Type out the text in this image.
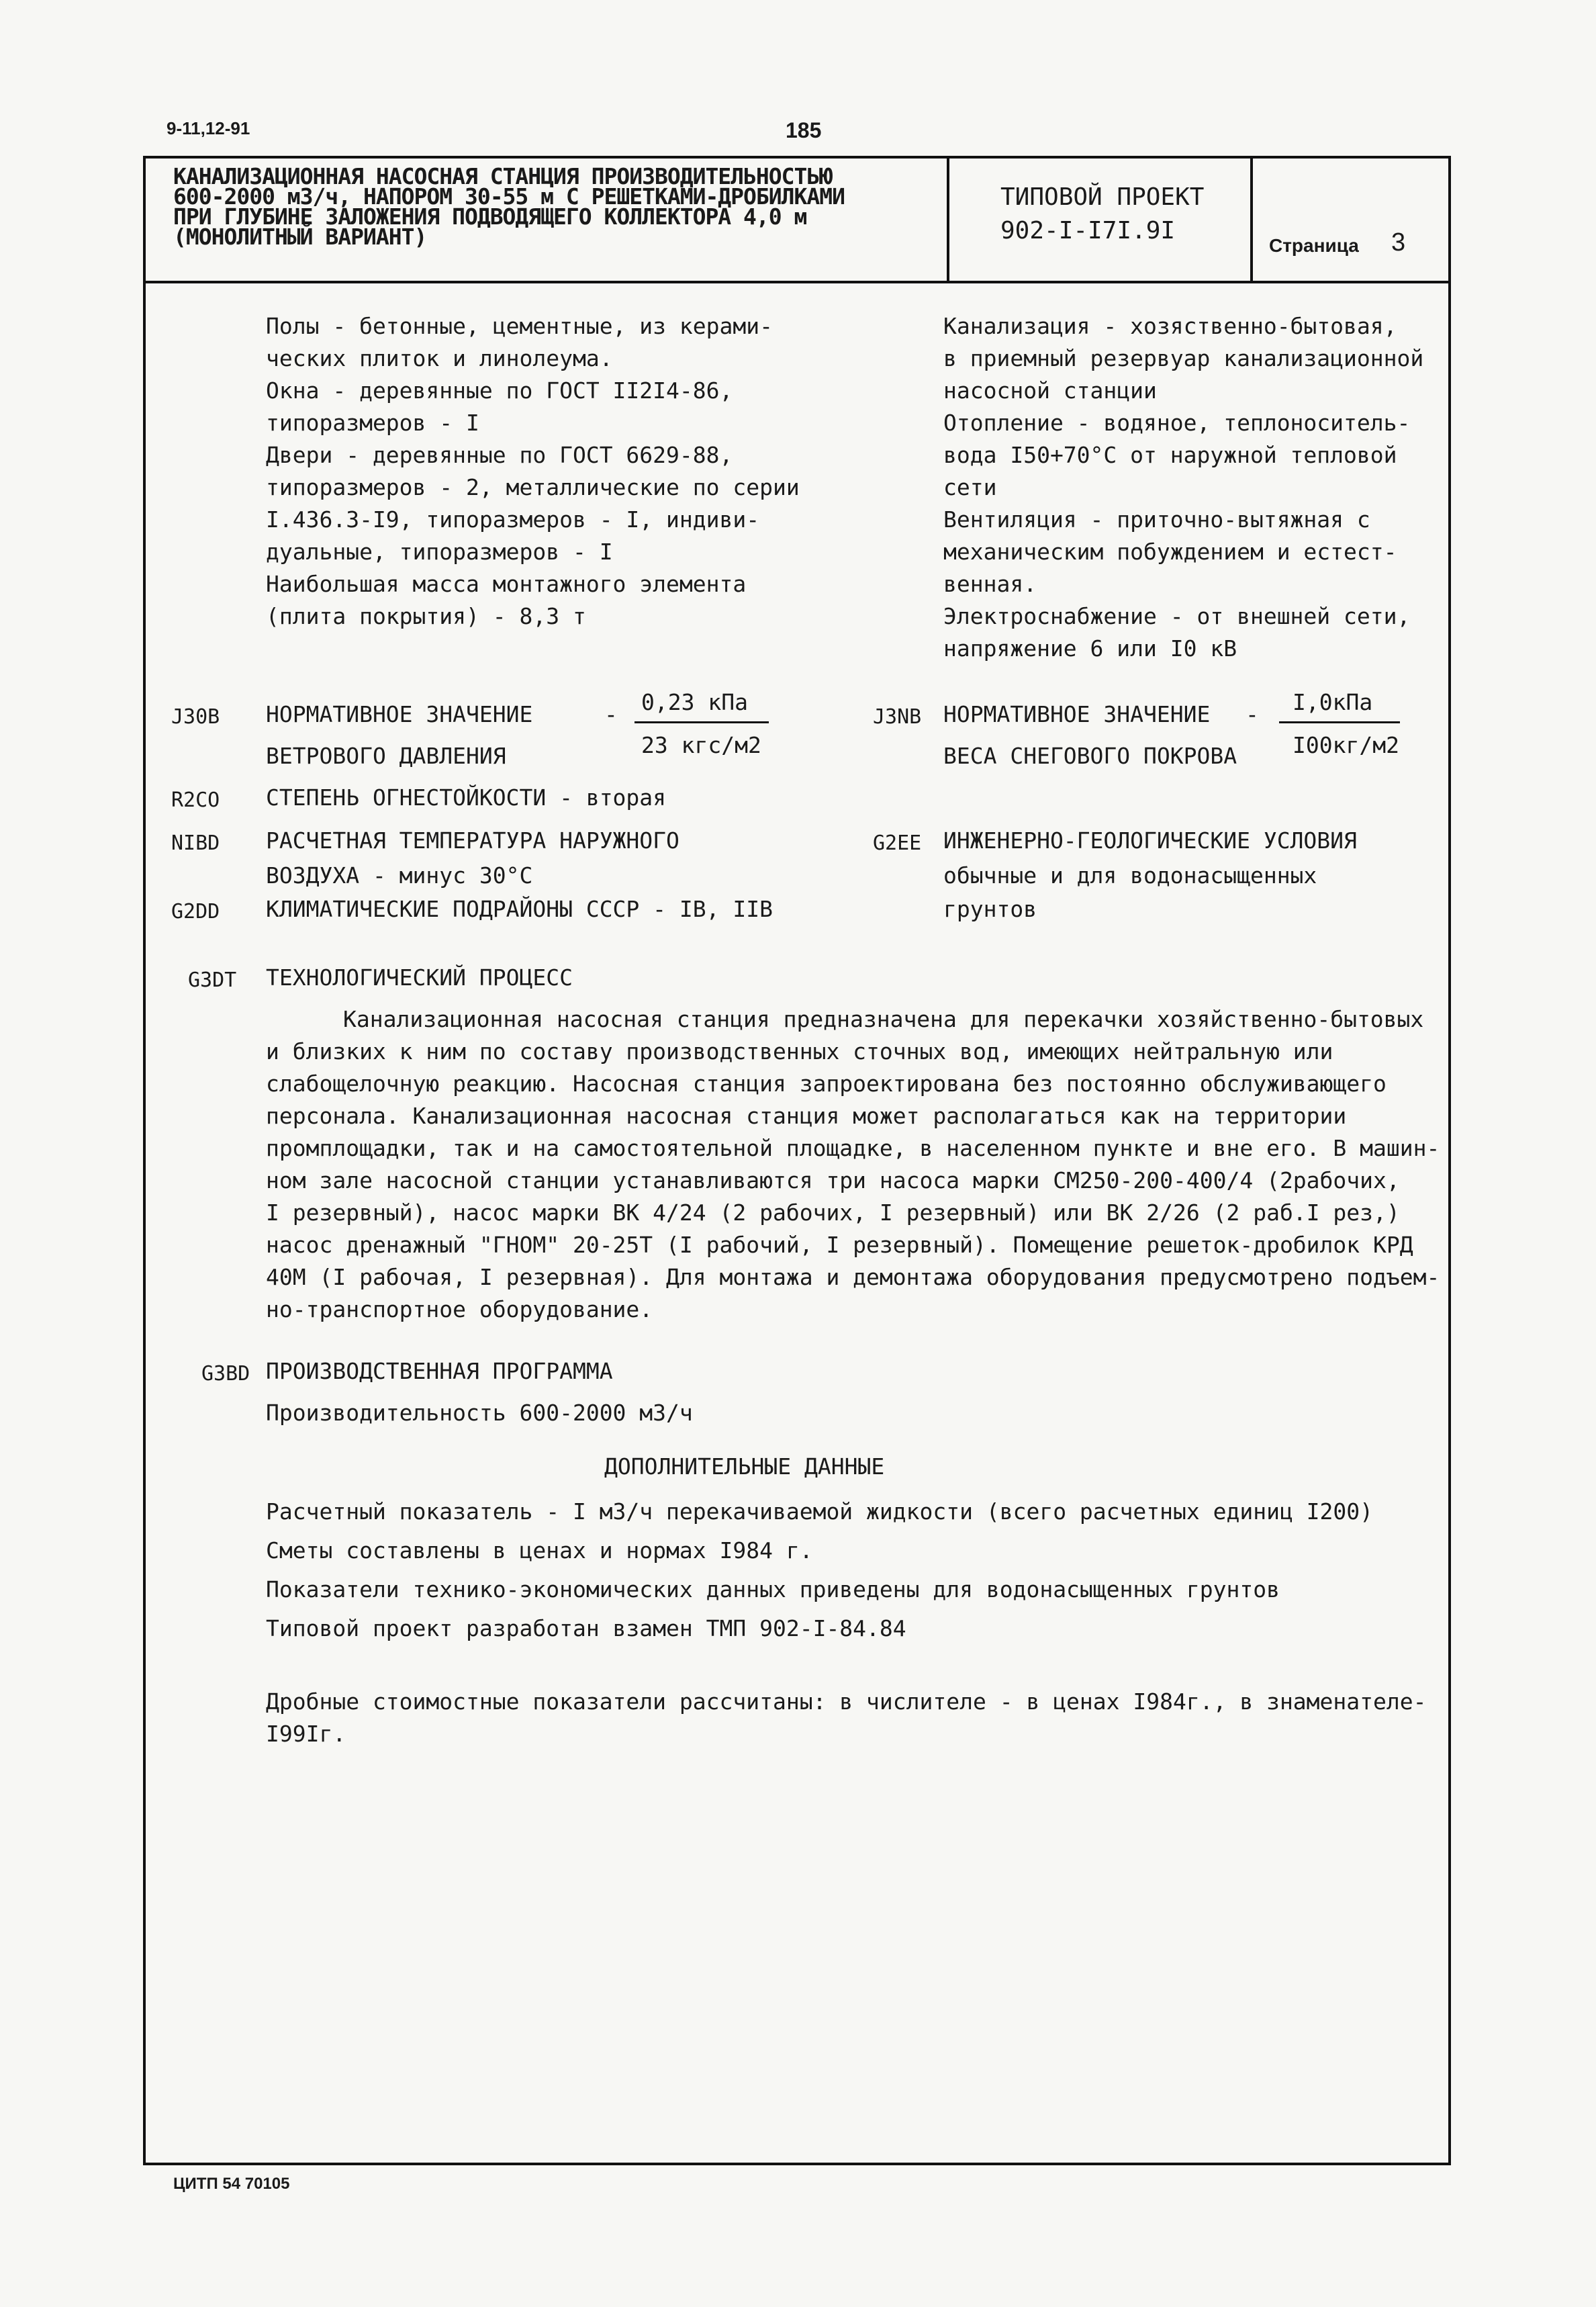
9-11,12-91	185
КАНАЛИЗАЦИОННАЯ НАСОСНАЯ СТАНЦИЯ ПРОИЗВОДИТЕЛЬНОСТЬЮ
600-2000 м3/ч, НАПОРОМ 30-55 м С РЕШЕТКАМИ-ДРОБИЛКАМИ
ПРИ ГЛУБИНЕ ЗАЛОЖЕНИЯ ПОДВОДЯЩЕГО КОЛЛЕКТОРА 4,0 м
(МОНОЛИТНЫЙ ВАРИАНТ)
ТИПОВОЙ ПРОЕКТ
902-I-I7I.9I
Страница 3
Полы - бетонные, цементные, из керами-
ческих плиток и линолеума.
Окна - деревянные по ГОСТ II2I4-86,
типоразмеров - I
Двери - деревянные по ГОСТ 6629-88,
типоразмеров - 2, металлические по серии
I.436.3-I9, типоразмеров - I, индиви-
дуальные, типоразмеров - I
Наибольшая масса монтажного элемента
(плита покрытия) - 8,3 т
Канализация - хозяственно-бытовая,
в приемный резервуар канализационной
насосной станции
Отопление - водяное, теплоноситель-
вода I50+70°С от наружной тепловой
сети
Вентиляция - приточно-вытяжная с
механическим побуждением и естест-
венная.
Электроснабжение - от внешней сети,
напряжение 6 или I0 кВ
J30B НОРМАТИВНОЕ ЗНАЧЕНИЕ
ВЕТРОВОГО ДАВЛЕНИЯ
- 0,23 кПа
23 кгс/м2
J3NB НОРМАТИВНОЕ ЗНАЧЕНИЕ
ВЕСА СНЕГОВОГО ПОКРОВА
- I,0кПа
I00кг/м2
R2CO СТЕПЕНЬ ОГНЕСТОЙКОСТИ - вторая
NIBD РАСЧЕТНАЯ ТЕМПЕРАТУРА НАРУЖНОГО
ВОЗДУХА - минус 30°С
G2DD КЛИМАТИЧЕСКИЕ ПОДРАЙОНЫ СССР - IВ, IIВ
G2EE ИНЖЕНЕРНО-ГЕОЛОГИЧЕСКИЕ УСЛОВИЯ
обычные и для водонасыщенных
грунтов
G3DT ТЕХНОЛОГИЧЕСКИЙ ПРОЦЕСС
Канализационная насосная станция предназначена для перекачки хозяйственно-бытовых
и близких к ним по составу производственных сточных вод, имеющих нейтральную или
слабощелочную реакцию. Насосная станция запроектирована без постоянно обслуживающего
персонала. Канализационная насосная станция может располагаться как на территории
промплощадки, так и на самостоятельной площадке, в населенном пункте и вне его. В машин-
ном зале насосной станции устанавливаются три насоса марки СМ250-200-400/4 (2рабочих,
I резервный), насос марки ВК 4/24 (2 рабочих, I резервный) или ВК 2/26 (2 раб.I рез,)
насос дренажный "ГНОМ" 20-25Т (I рабочий, I резервный). Помещение решеток-дробилок КРД
40М (I рабочая, I резервная). Для монтажа и демонтажа оборудования предусмотрено подъем-
но-транспортное оборудование.
G3BD ПРОИЗВОДСТВЕННАЯ ПРОГРАММА
Производительность 600-2000 м3/ч
ДОПОЛНИТЕЛЬНЫЕ ДАННЫЕ
Расчетный показатель - I м3/ч перекачиваемой жидкости (всего расчетных единиц I200)
Сметы составлены в ценах и нормах I984 г.
Показатели технико-экономических данных приведены для водонасыщенных грунтов
Типовой проект разработан взамен ТМП 902-I-84.84
Дробные стоимостные показатели рассчитаны: в числителе - в ценах I984г., в знаменателе-
I99Iг.
ЦИТП 54 70105
